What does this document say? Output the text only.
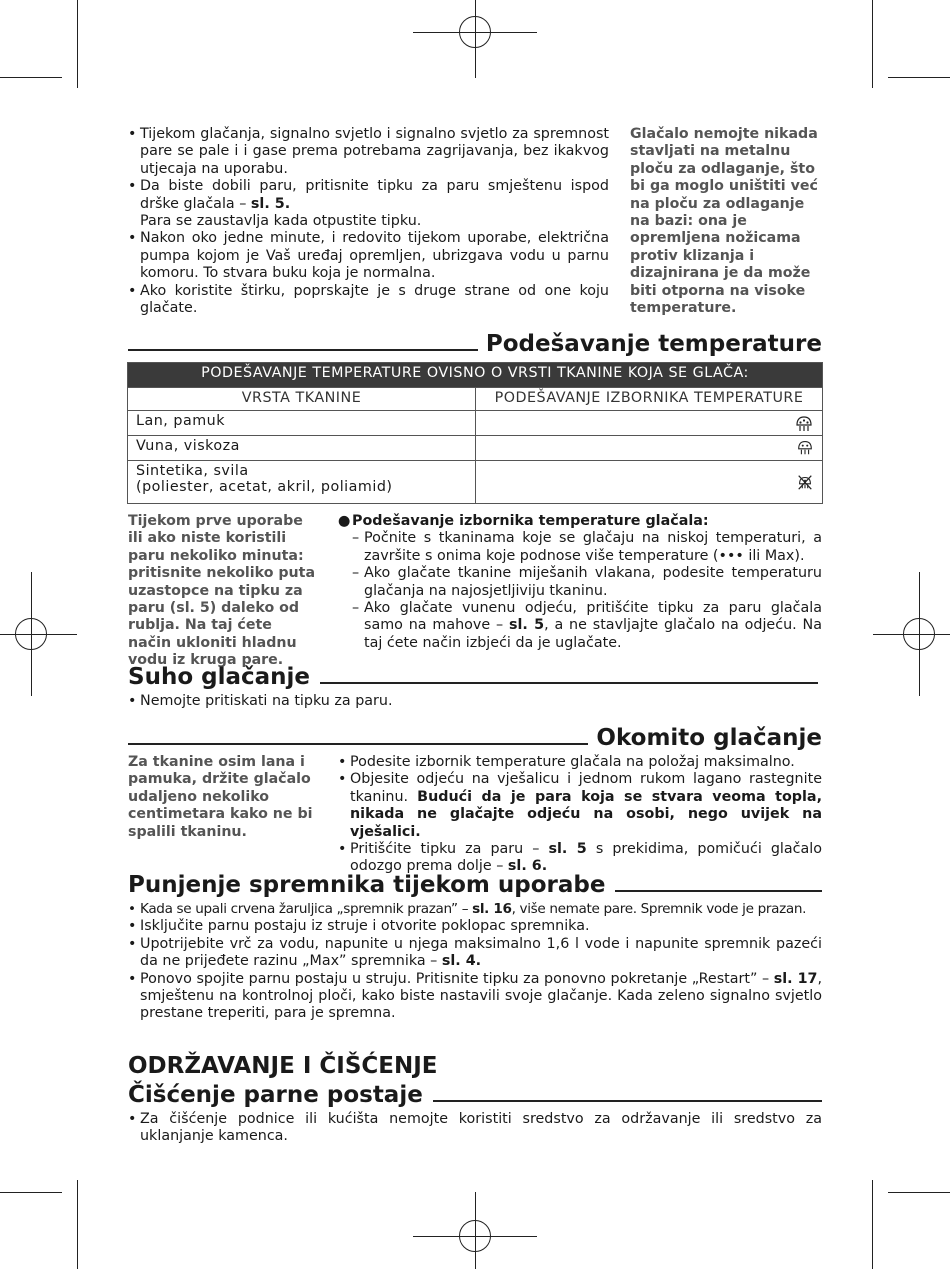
• Tijekom glačanja, signalno svjetlo i signalno svjetlo za spremnost pare se pale i i gase prema potrebama zagrijavanja, bez ikakvog utjecaja na uporabu.
• Da biste dobili paru, pritisnite tipku za paru smještenu ispod drške glačala – sl. 5.
Para se zaustavlja kada otpustite tipku.
• Nakon oko jedne minute, i redovito tijekom uporabe, električna pumpa kojom je Vaš uređaj opremljen, ubrizgava vodu u parnu komoru. To stvara buku koja je normalna.
• Ako koristite štirku, poprskajte je s druge strane od one koju glačate.
Glačalo nemojte nikada stavljati na metalnu ploču za odlaganje, što bi ga moglo uništiti već na ploču za odlaganje na bazi: ona je opremljena nožicama protiv klizanja i dizajnirana je da može biti otporna na visoke temperature.
Podešavanje temperature
PODEŠAVANJE TEMPERATURE OVISNO O VRSTI TKANINE KOJA SE GLAČA:	
VRSTA TKANINE	PODEŠAVANJE IZBORNIKA TEMPERATURE
Lan, pamuk	

Vuna, viskoza	

Sintetika, svila
(poliester, acetat, akril, poliamid)

Tijekom prve uporabe ili ako niste koristili paru nekoliko minuta: pritisnite nekoliko puta uzastopce na tipku za paru (sl. 5) daleko od rublja. Na taj ćete način ukloniti hladnu vodu iz kruga pare.
● Podešavanje izbornika temperature glačala:
– Počnite s tkaninama koje se glačaju na niskoj temperaturi, a završite s onima koje podnose više temperature (••• ili Max).
– Ako glačate tkanine miješanih vlakana, podesite temperaturu glačanja na najosjetljiviju tkaninu.
– Ako glačate vunenu odjeću, pritišćite tipku za paru glačala samo na mahove – sl. 5, a ne stavljajte glačalo na odjeću. Na taj ćete način izbjeći da je uglačate.
Suho glačanje
• Nemojte pritiskati na tipku za paru.
Okomito glačanje
Za tkanine osim lana i pamuka, držite glačalo udaljeno nekoliko centimetara kako ne bi spalili tkaninu.
• Podesite izbornik temperature glačala na položaj maksimalno.
• Objesite odjeću na vješalicu i jednom rukom lagano rastegnite tkaninu. Budući da je para koja se stvara veoma topla, nikada ne glačajte odjeću na osobi, nego uvijek na vješalici.
• Pritišćite tipku za paru – sl. 5 s prekidima, pomičući glačalo odozgo prema dolje – sl. 6.
Punjenje spremnika tijekom uporabe
• Kada se upali crvena žaruljica „spremnik prazan” – sl. 16, više nemate pare. Spremnik vode je prazan.
• Isključite parnu postaju iz struje i otvorite poklopac spremnika.
• Upotrijebite vrč za vodu, napunite u njega maksimalno 1,6 l vode i napunite spremnik pazeći da ne prijeđete razinu „Max” spremnika – sl. 4.
• Ponovo spojite parnu postaju u struju. Pritisnite tipku za ponovno pokretanje „Restart” – sl. 17, smještenu na kontrolnoj ploči, kako biste nastavili svoje glačanje. Kada zeleno signalno svjetlo prestane treperiti, para je spremna.
ODRŽAVANJE I ČIŠĆENJE
Čišćenje parne postaje
• Za čišćenje podnice ili kućišta nemojte koristiti sredstvo za održavanje ili sredstvo za uklanjanje kamenca.
